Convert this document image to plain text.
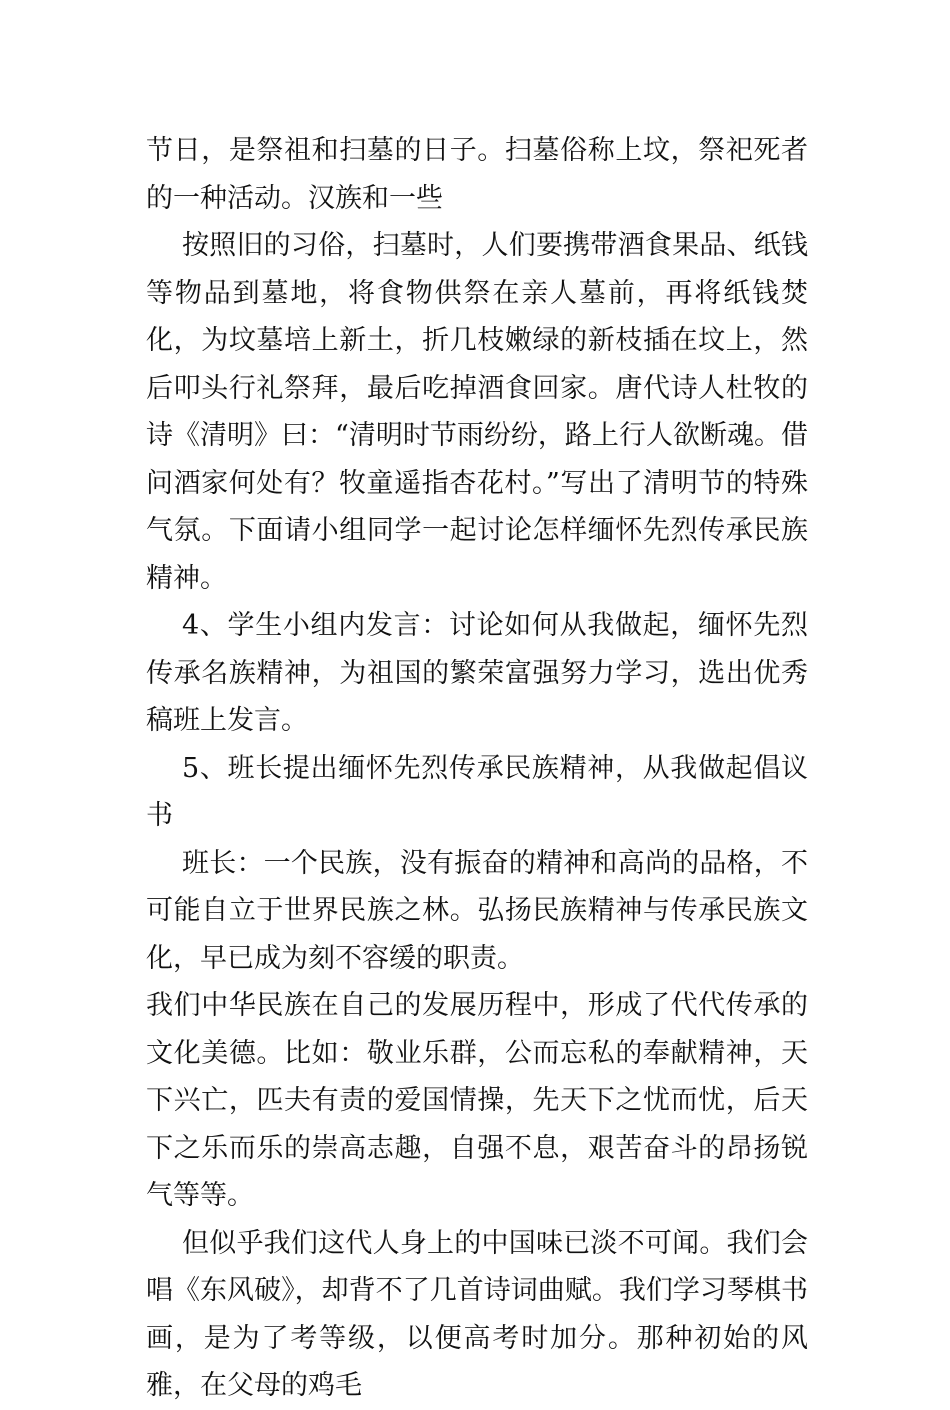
节日，是祭祖和扫墓的日子。扫墓俗称上坟，祭祀死者的一种活动。汉族和一些

按照旧的习俗，扫墓时，人们要携带酒食果品、纸钱等物品到墓地，将食物供祭在亲人墓前，再将纸钱焚化，为坟墓培上新土，折几枝嫩绿的新枝插在坟上，然后叩头行礼祭拜，最后吃掉酒食回家。唐代诗人杜牧的诗《清明》曰：“清明时节雨纷纷，路上行人欲断魂。借问酒家何处有？牧童遥指杏花村。”写出了清明节的特殊气氛。下面请小组同学一起讨论怎样缅怀先烈传承民族精神。

4、学生小组内发言：讨论如何从我做起，缅怀先烈传承名族精神，为祖国的繁荣富强努力学习，选出优秀稿班上发言。

5、班长提出缅怀先烈传承民族精神，从我做起倡议书

班长：一个民族，没有振奋的精神和高尚的品格，不可能自立于世界民族之林。弘扬民族精神与传承民族文化，早已成为刻不容缓的职责。

我们中华民族在自己的发展历程中，形成了代代传承的文化美德。比如：敬业乐群，公而忘私的奉献精神，天下兴亡，匹夫有责的爱国情操，先天下之忧而忧，后天下之乐而乐的崇高志趣，自强不息，艰苦奋斗的昂扬锐气等等。

但似乎我们这代人身上的中国味已淡不可闻。我们会唱《东风破》，却背不了几首诗词曲赋。我们学习琴棋书画，是为了考等级，以便高考时加分。那种初始的风雅，在父母的鸡毛
